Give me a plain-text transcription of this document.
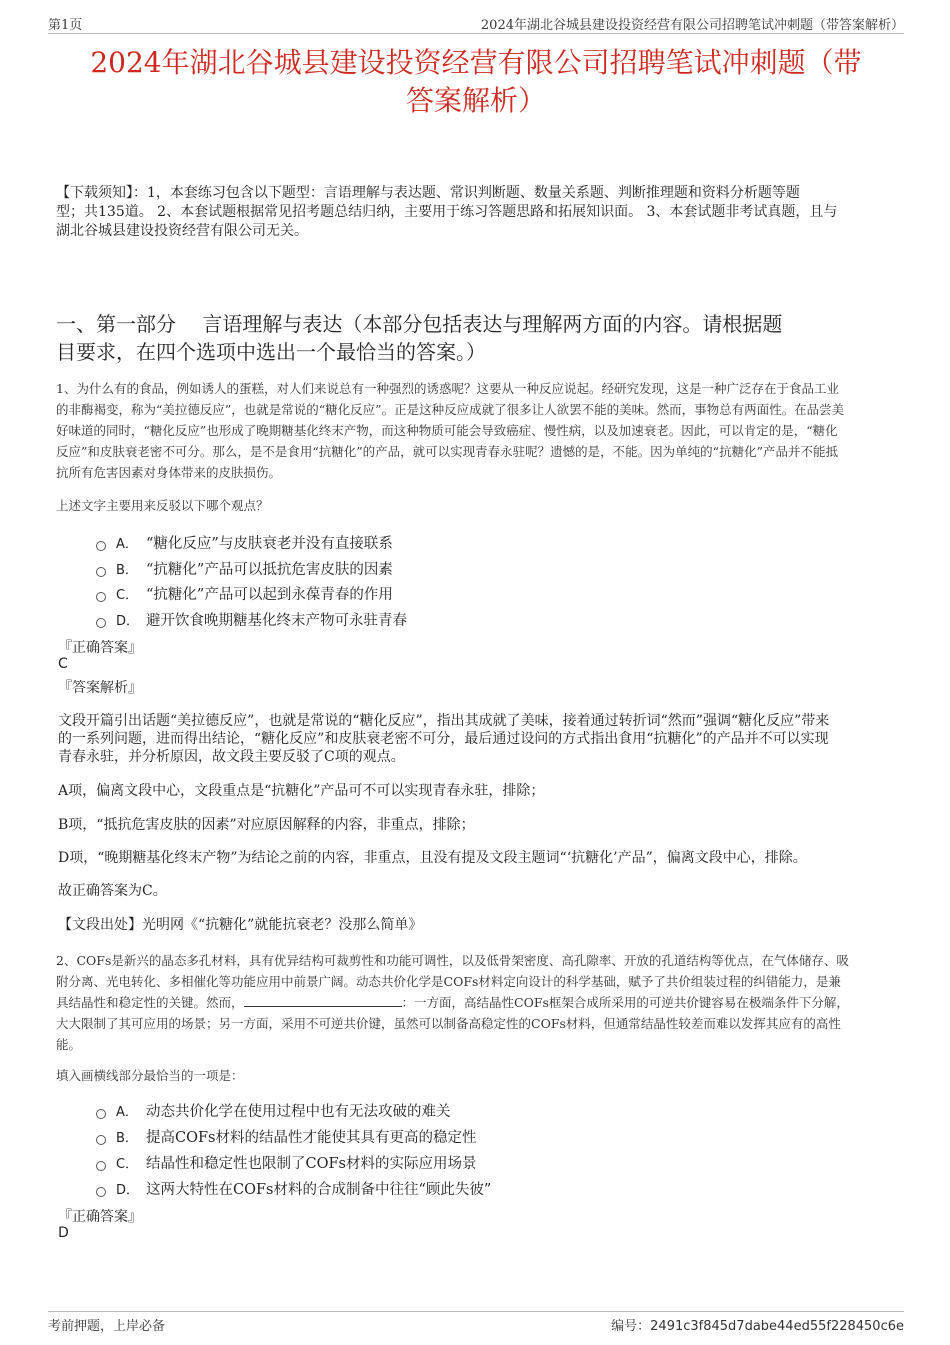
第1页	2024年湖北谷城县建设投资经营有限公司招聘笔试冲刺题（带答案解析）
2024年湖北谷城县建设投资经营有限公司招聘笔试冲刺题（带
答案解析）
【下载须知】：1，本套练习包含以下题型：言语理解与表达题、常识判断题、数量关系题、判断推理题和资料分析题等题
型；共135道。 2、本套试题根据常见招考题总结归纳，主要用于练习答题思路和拓展知识面。 3、本套试题非考试真题，且与
湖北谷城县建设投资经营有限公司无关。
一、第一部分　 言语理解与表达（本部分包括表达与理解两方面的内容。请根据题
目要求，在四个选项中选出一个最恰当的答案。）
1、为什么有的食品，例如诱人的蛋糕，对人们来说总有一种强烈的诱惑呢？这要从一种反应说起。经研究发现，这是一种广泛存在于食品工业
的非酶褐变，称为“美拉德反应”，也就是常说的“糖化反应”。正是这种反应成就了很多让人欲罢不能的美味。然而，事物总有两面性。在品尝美
好味道的同时，“糖化反应”也形成了晚期糖基化终末产物，而这种物质可能会导致癌症、慢性病，以及加速衰老。因此，可以肯定的是，“糖化
反应”和皮肤衰老密不可分。那么，是不是食用“抗糖化”的产品，就可以实现青春永驻呢？遗憾的是，不能。因为单纯的“抗糖化”产品并不能抵
抗所有危害因素对身体带来的皮肤损伤。
上述文字主要用来反驳以下哪个观点？
A． “糖化反应”与皮肤衰老并没有直接联系
B． “抗糖化”产品可以抵抗危害皮肤的因素
C． “抗糖化”产品可以起到永葆青春的作用
D． 避开饮食晚期糖基化终末产物可永驻青春
『正确答案』
C
『答案解析』
文段开篇引出话题“美拉德反应”，也就是常说的“糖化反应”，指出其成就了美味，接着通过转折词“然而”强调“糖化反应”带来
的一系列问题，进而得出结论，“糖化反应”和皮肤衰老密不可分，最后通过设问的方式指出食用“抗糖化”的产品并不可以实现
青春永驻，并分析原因，故文段主要反驳了C项的观点。
A项，偏离文段中心，文段重点是“抗糖化”产品可不可以实现青春永驻，排除；
B项，“抵抗危害皮肤的因素”对应原因解释的内容，非重点，排除；
D项，“晚期糖基化终末产物”为结论之前的内容，非重点，且没有提及文段主题词“‘抗糖化’产品”，偏离文段中心，排除。
故正确答案为C。
【文段出处】光明网《“抗糖化”就能抗衰老？没那么简单》
2、COFs是新兴的晶态多孔材料，具有优异结构可裁剪性和功能可调性，以及低骨架密度、高孔隙率、开放的孔道结构等优点，在气体储存、吸
附分离、光电转化、多相催化等功能应用中前景广阔。动态共价化学是COFs材料定向设计的科学基础，赋予了共价组装过程的纠错能力，是兼
具结晶性和稳定性的关键。然而，	：一方面，高结晶性COFs框架合成所采用的可逆共价键容易在极端条件下分解，
大大限制了其可应用的场景；另一方面，采用不可逆共价键，虽然可以制备高稳定性的COFs材料，但通常结晶性较差而难以发挥其应有的高性
能。
填入画横线部分最恰当的一项是：
A． 动态共价化学在使用过程中也有无法攻破的难关
B． 提高COFs材料的结晶性才能使其具有更高的稳定性
C． 结晶性和稳定性也限制了COFs材料的实际应用场景
D． 这两大特性在COFs材料的合成制备中往往“顾此失彼”
『正确答案』
D
考前押题，上岸必备	编号：2491c3f845d7dabe44ed55f228450c6e
